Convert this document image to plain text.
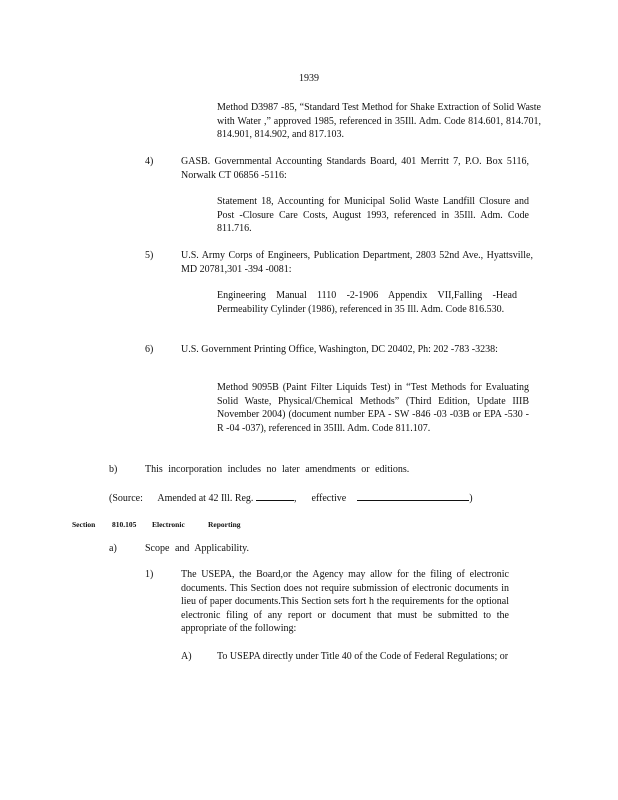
1939
Method D3987 -85, “Standard Test Method for Shake Extraction of Solid Waste with Water ,” approved 1985, referenced in 35Ill. Adm. Code 814.601, 814.701, 814.901, 814.902, and 817.103.
4)	GASB. Governmental Accounting Standards Board, 401 Merritt 7, P.O. Box 5116, Norwalk CT 06856 -5116:
Statement 18, Accounting for Municipal Solid Waste Landfill Closure and Post -Closure Care Costs, August 1993, referenced in 35Ill. Adm. Code 811.716.
5)	U.S. Army Corps of Engineers, Publication Department, 2803 52nd Ave., Hyattsville, MD 20781,301 -394 -0081:
Engineering Manual 1110 -2-1906 Appendix VII,Falling -Head Permeability Cylinder (1986), referenced in 35 Ill. Adm. Code 816.530.
6)	U.S. Government Printing Office, Washington, DC 20402, Ph: 202 -783 -3238:
Method 9095B (Paint Filter Liquids Test) in “Test Methods for Evaluating Solid Waste, Physical/Chemical Methods” (Third Edition, Update IIIB November 2004) (document number EPA - SW -846 -03 -03B or EPA -530 -R -04 -037), referenced in 35Ill. Adm. Code 811.107.
b)	This incorporation includes no later amendments or editions.
(Source: Amended at 42 Ill. Reg.	, effective	)
Section 810.105 Electronic	Reporting
a)	Scope and Applicability.
1)	The USEPA, the Board,or the Agency may allow for the filing of electronic documents. This Section does not require submission of electronic documents in lieu of paper documents.This Section sets fort h the requirements for the optional electronic filing of any report or document that must be submitted to the appropriate of the following:
A)	To USEPA directly under Title 40 of the Code of Federal Regulations; or
